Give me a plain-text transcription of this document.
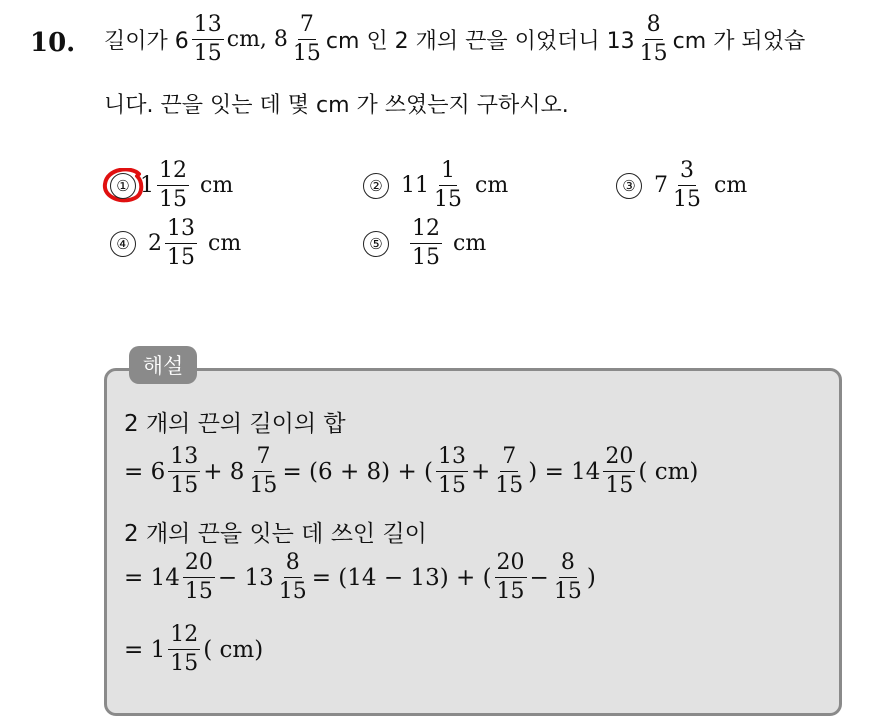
10. 길이가 $6 \frac{13}{15}$ cm, $8 \frac{7}{15}$ cm 인 2 개의 끈을 이었더니 $13 \frac{8}{15}$ cm 가 되었습
니다. 끈을 잇는 데 몇 cm 가 쓰였는지 구하시오.
① $1 \frac{12}{15}$ cm	② $11 \frac{1}{15}$ cm	③ $7 \frac{3}{15}$ cm
④ $2 \frac{13}{15}$ cm	⑤ $\frac{12}{15}$ cm
해설
2 개의 끈의 길이의 합
= $6 \frac{13}{15} + 8 \frac{7}{15} = (6 + 8)$ + ( $\frac{13}{15} + \frac{7}{15}$ ) = $14 \frac{20}{15}$ ( cm)
2 개의 끈을 잇는 데 쓰인 길이
= $14 \frac{20}{15} - 13 \frac{8}{15} = (14 - 13)$ + ( $\frac{20}{15} - \frac{8}{15}$ )
= $1 \frac{12}{15}$ ( cm)
